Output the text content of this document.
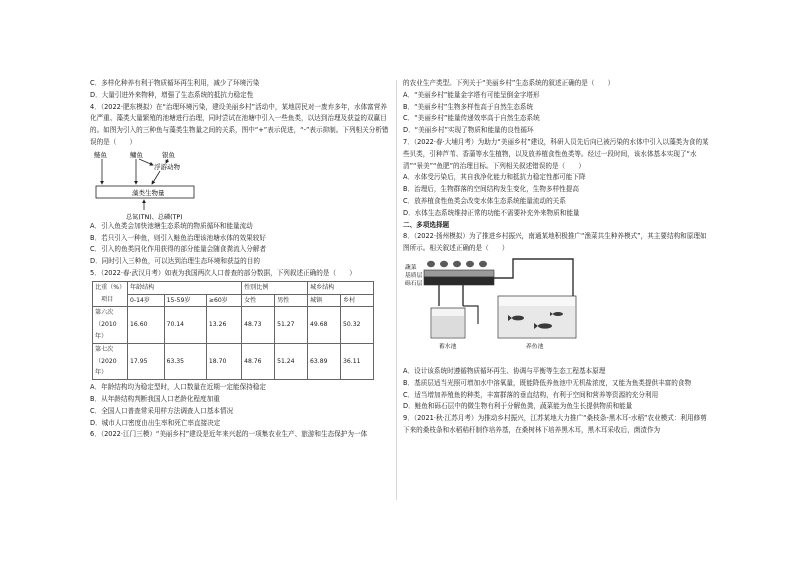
C．多样化种养有利于物质循环再生利用，减少了环境污染
D．大量引进外来物种，增强了生态系统的抵抗力稳定性
4．（2022·肥东模拟）在“治理环境污染，建设美丽乡村”活动中，某地居民对一废弃多年，水体富营养化严重、藻类大量繁殖的池塘进行治理，同时尝试在池塘中引入一些鱼类，以达到治理及获益的双赢目的。如图为引入的三种鱼与藻类生物量之间的关系，图中“+”表示促进，“-”表示抑制。下列相关分析错误的是（　　）
鲢鱼	鳙鱼	银鱼
浮游动物
藻类生物量
总氮(TN)、总磷(TP)
A．引入鱼类会加快池塘生态系统的物质循环和能量流动
B．若只引入一种鱼，则引入鲢鱼治理该池塘水体的效果较好
C．引入的鱼类同化作用获得的部分能量会随食粪流入分解者
D．同时引入三种鱼，可以达到治理生态环境和获益的目的
5．（2022·春·武汉月考）如表为我国两次人口普查的部分数据，下列叙述正确的是（　　）
比重（%）
项目	年龄结构			性别比例		城乡结构	
	0-14岁	15-59岁	≥60岁	女性	男性	城镇	乡村

第六次
（2010年）	16.60	70.14	13.26	48.73	51.27	49.68	50.32

第七次
（2020年）	17.95	63.35	18.70	48.76	51.24	63.89	36.11
A．年龄结构均为稳定型时，人口数量在近期一定能保持稳定
B．从年龄结构判断我国人口老龄化程度加重
C．全国人口普查常采用样方法调查人口基本情况
D．城市人口密度由出生率和死亡率直接决定
6．（2022·江门三模）“美丽乡村”建设是近年来兴起的一项集农业生产、旅游和生态保护为一体
的农业生产类型。下列关于“美丽乡村”生态系统的叙述正确的是（　　）
A．“美丽乡村”能量金字塔有可能呈倒金字塔形
B．“美丽乡村”生物多样性高于自然生态系统
C．“美丽乡村”能量传递效率高于自然生态系统
D．“美丽乡村”实现了物质和能量的良性循环
7．（2022·春·大埔月考）为助力“美丽乡村”建设，科研人员先后向已被污染的水体中引入以藻类为食的某些贝类，引种芦苇、香蒲等水生植物，以及放养植食性鱼类等。经过一段时间，该水体基本实现了“水清”“景美”“鱼肥”的治理目标。下列相关叙述错误的是（　　）
A．水体受污染后，其自我净化能力和抵抗力稳定性都可能下降
B．治理后，生物群落的空间结构发生变化，生物多样性提高
C．放养植食性鱼类会改变水体生态系统能量流动的关系
D．水体生态系统维持正常的功能不需要补充外来物质和能量
二、多项选择题
8．（2022·扬州模拟）为了推进乡村振兴，南通某地积极推广“渔菜共生种养模式”，其主要结构和原理如图所示。相关叙述正确的是（　　）
蔬菜
基质层
砾石层
蓄水池	养鱼池
A．设计该系统时遵循物质循环再生、协调与平衡等生态工程基本原理
B．基质层适当光照可增加水中溶氧量，既能降低养鱼池中无机盐浓度，又能为鱼类提供丰富的食物
C．适当增加养殖鱼的种类，丰富群落的垂直结构，有利于空间和营养等资源的充分利用
D．鲢鱼和砾石层中的微生物有利于分解鱼粪，蔬菜能为鱼生长提供物质和能量
9．（2021·秋·江苏月考）为推动乡村振兴，江苏某地大力推广“桑枝条-黑木耳-水稻”农业模式：利用修剪下来的桑枝条和水稻秸秆制作培养基，在桑树林下培养黑木耳，黑木耳采收后，菌渣作为
